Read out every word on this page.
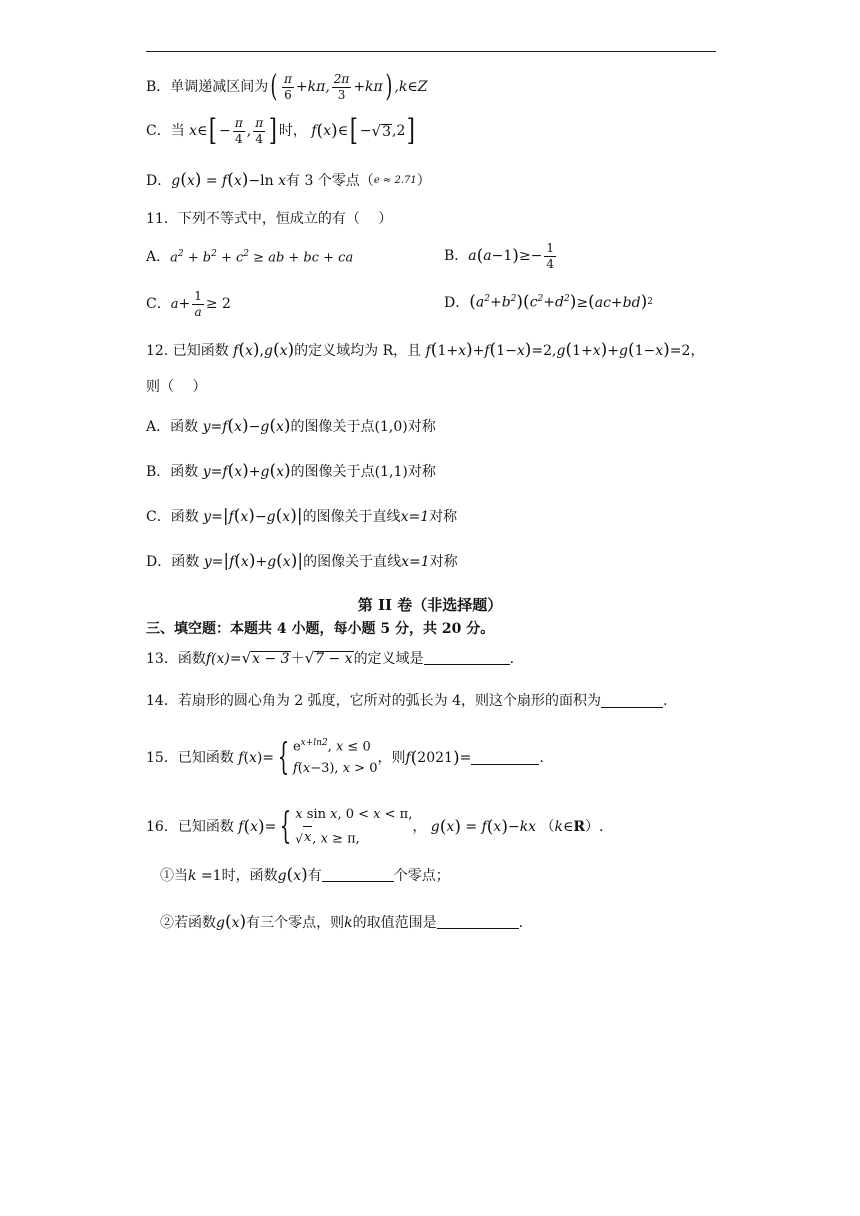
B．单调递减区间为 ( $\frac{\pi}{6} +k\pi$, $\frac{2\pi}{3} +k\pi$ ) ,k∈Z
C．当 x ∈ [ − $\frac{\pi}{4}$ , $\frac{\pi}{4}$ ] 时，
f ( x ) ∈ [ − √ 3 ,2 ]
D． g ( x ) = f ( x ) −ln x 有 3 个零点（ e ≈ 2.71 ）
11．下列不等式中，恒成立的有（　 ）
A． $a^2 + b^2 + c^2$ ≥ ab + bc + ca	B． a ( a −1 ) ≥− $\frac{1}{4}$
C． $a + \frac{1}{a} \ge 2$	D． ( $a^2+b^2$ ) ( $c^2+d^2$ ) ≥ ( ac+bd ) 2
12. 已知函数
f ( x ) , g ( x ) 的定义域均为 R，且
f ( 1+ x ) + f ( 1− x ) =2, g ( 1+ x ) + g ( 1− x ) =2 ，
则（　 ）
A．函数
y = f ( x ) − g ( x ) 的图像关于点 (1,0) 对称
B．函数
y = f ( x ) + g ( x ) 的图像关于点 (1,1) 对称
C．函数
y = | f ( x ) − g ( x ) | 的图像关于直线 x=1 对称
D．函数
y = | f ( x ) + g ( x ) | 的图像关于直线 x=1 对称
第 II 卷（非选择题）
三、填空题：本题共 4 小题，每小题 5 分，共 20 分。
13．函数 f(x)= √ x − 3 ＋ √ 7 − x 的定义域是	.
14．若扇形的圆心角为 2 弧度，它所对的弧长为 4，则这个扇形的面积为	.
15．已知函数
f ( x )= { $e^{x+ln2}$, x ≤ 0
f(x−3), x > 0
，则 f ( 2021 ) =	.
16．已知函数
f ( x ) = { x sin x, 0 < x < π,
√ x , x ≥ π,
，
g ( x ) = f ( x ) − kx （ k ∈ R ）.
①当 k =1 时，函数 g ( x ) 有	个零点；
②若函数 g ( x ) 有三个零点，则 k 的取值范围是	.
